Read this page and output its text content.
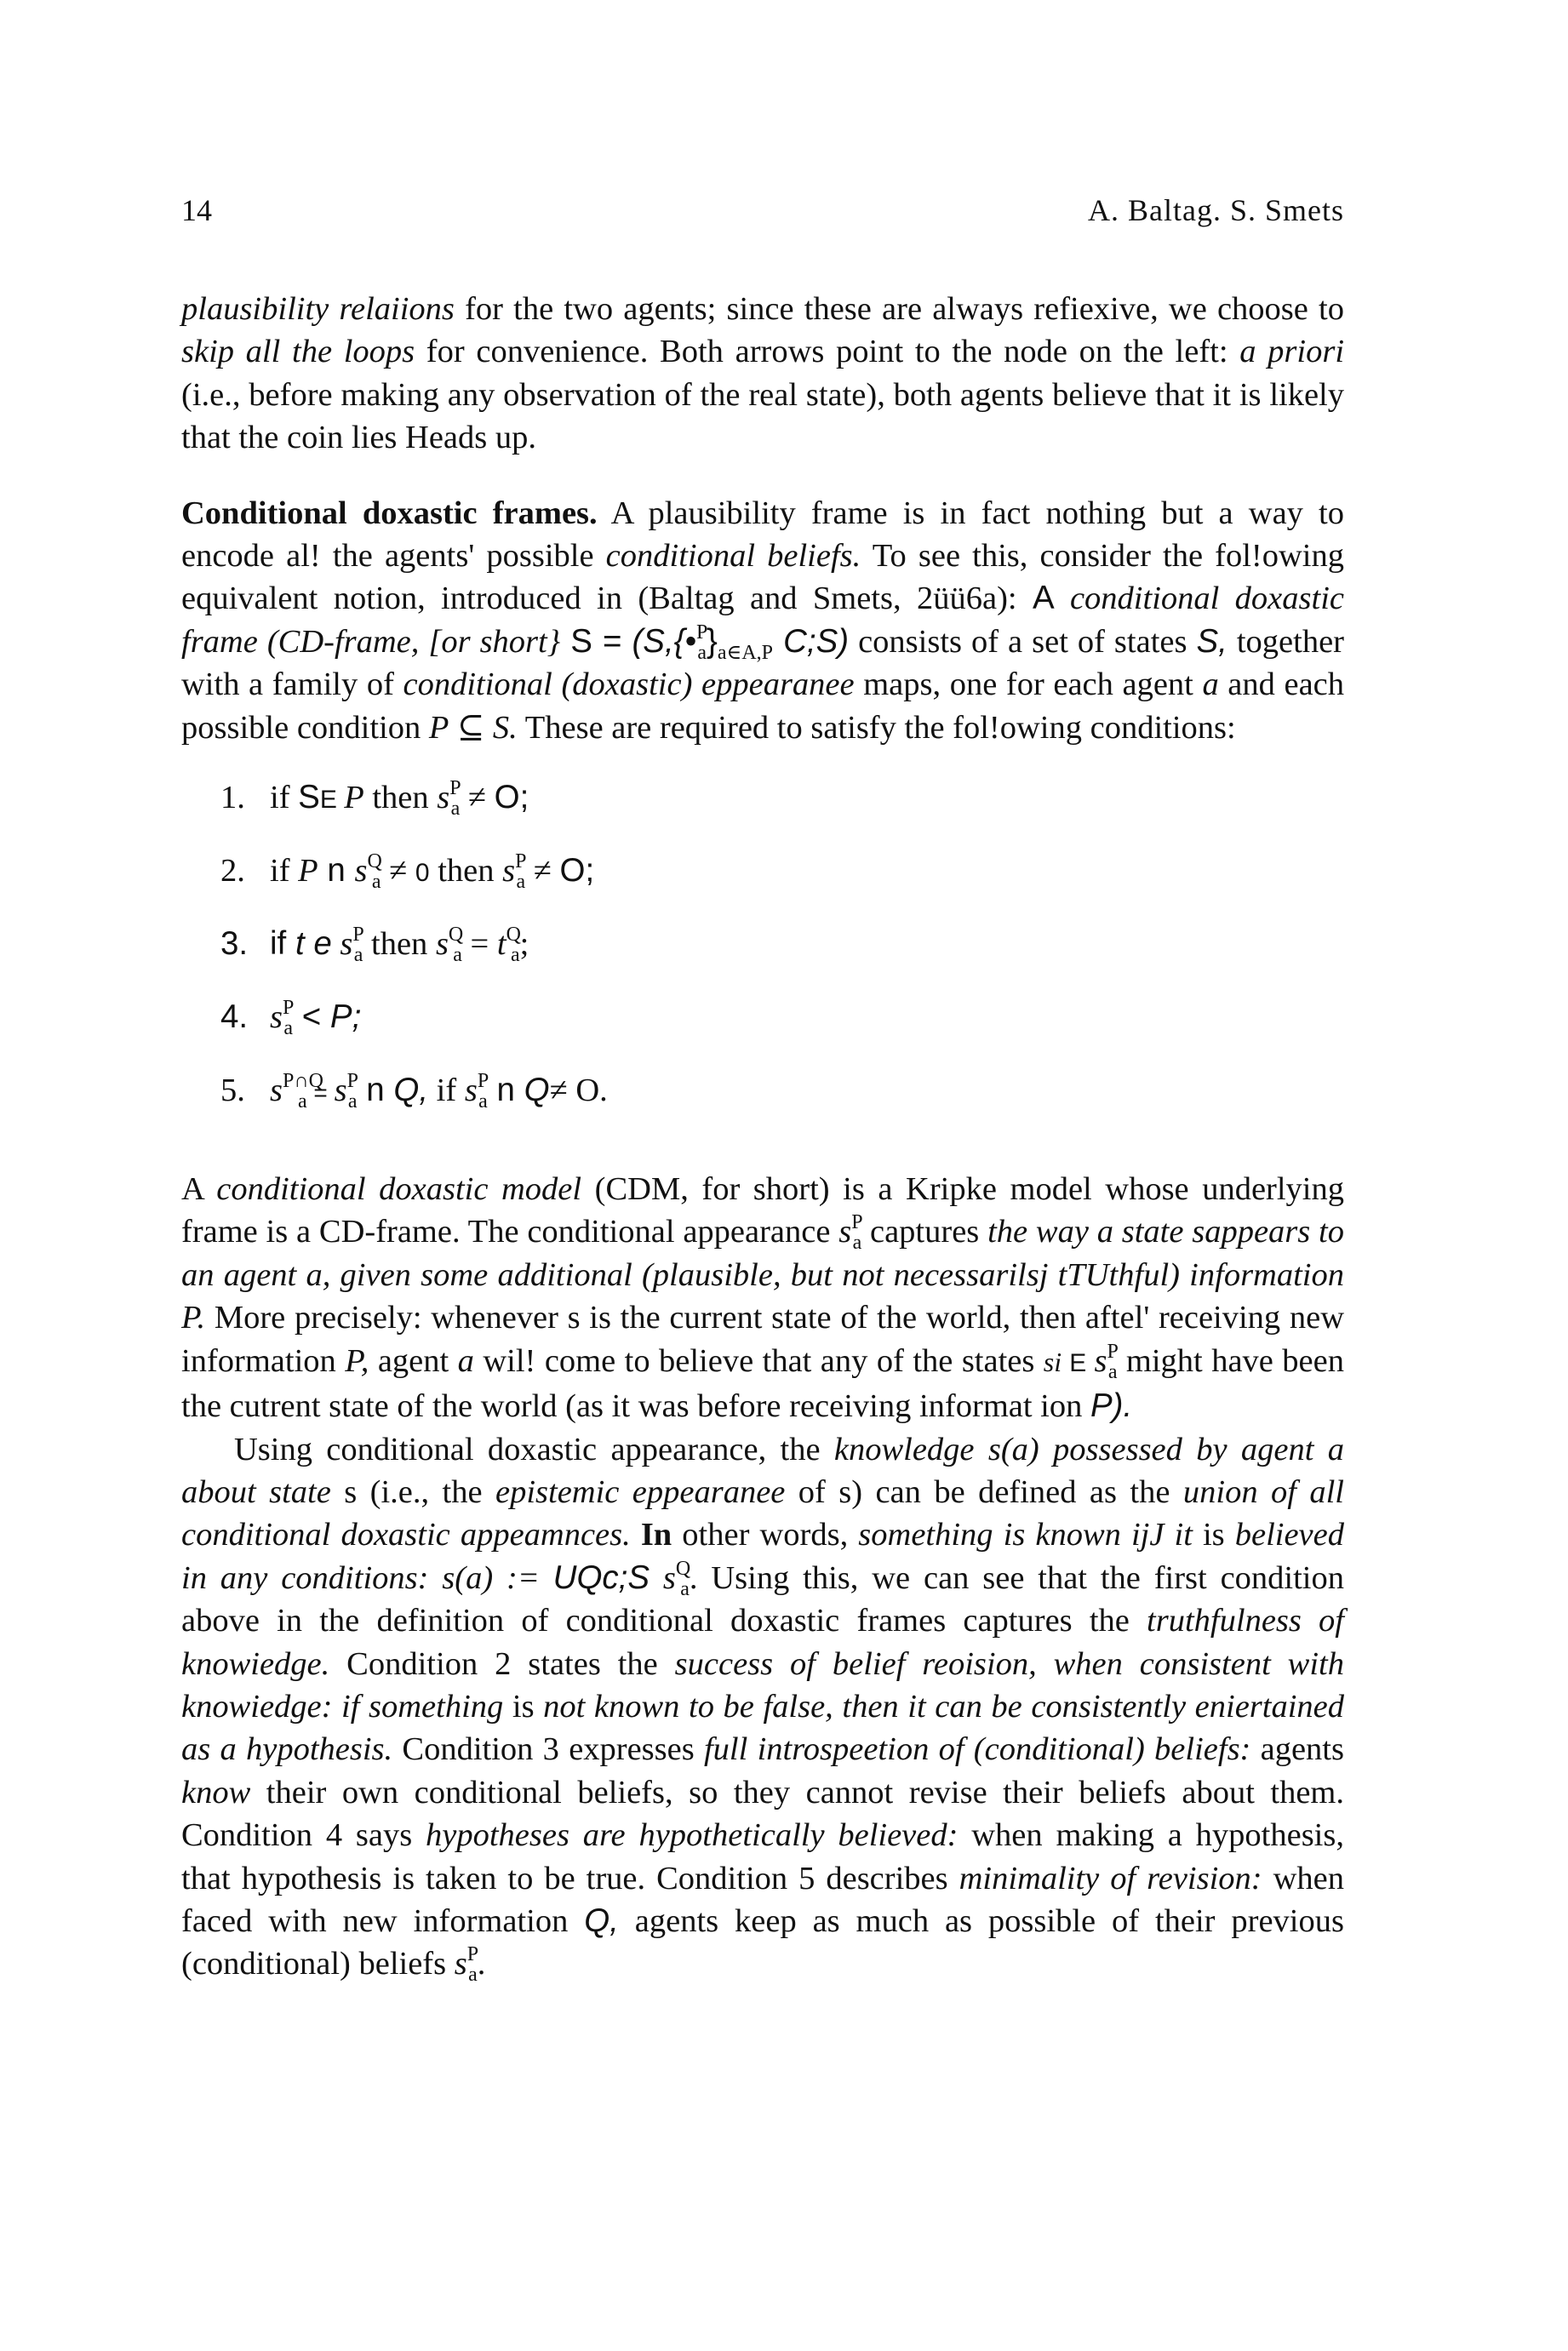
14	A. Baltag. S. Smets

plausibility relaiions for the two agents; since these are always refiexive, we choose to skip all the loops for convenience. Both arrows point to the node on the left: a priori (i.e., before making any observation of the real state), both agents believe that it is likely that the coin lies Heads up.

Conditional doxastic frames. A plausibility frame is in fact nothing but a way to encode al! the agents' possible conditional beliefs. To see this, consider the fol!owing equivalent notion, introduced in (Baltag and Smets, 2üü6a): A conditional doxastic frame (CD-frame, [or short} $S = (S,\{•^P_a\}_{a\in A,P}$ C;S) consists of a set of states S, together with a family of conditional (doxastic) eppearanee maps, one for each agent a and each possible condition P ⊆ S. These are required to satisfy the fol!owing conditions:

1. if SE P then $s^P_a \ne O$;
2. if P n $s^Q_a \ne 0$ then $s^P_a \ne O$;
3. if t e $s^P_a$ then $s^Q_a = t^Q_a$;
4. $s^P_a < P$;
5. $s^{P\cap Q}_a = s^P_a$ n Q, if $s^P_a$ n Q≠ O.

A conditional doxastic model (CDM, for short) is a Kripke model whose underlying frame is a CD-frame. The conditional appearance $s^P_a$ captures the way a state sappears to an agent a, given some additional (plausible, but not necessarilsj tTUthful) information P. More precisely: whenever s is the current state of the world, then aftel' receiving new information P, agent a wil! come to believe that any of the states si E $s^P_a$ might have been the cutrent state of the world (as it was before receiving informat ion P).

Using conditional doxastic appearance, the knowledge s(a) possessed by agent a about state s (i.e., the epistemic eppearanee of s) can be defined as the union of all conditional doxastic appeamnces. In other words, something is known ijJ it is believed in any conditions: s(a) := UQc;S $s^Q_a$. Using this, we can see that the first condition above in the definition of conditional doxastic frames captures the truthfulness of knowiedge. Condition 2 states the success of belief reoision, when consistent with knowiedge: if something is not known to be false, then it can be consistently eniertained as a hypothesis. Condition 3 expresses full introspeetion of (conditional) beliefs: agents know their own conditional beliefs, so they cannot revise their beliefs about them. Condition 4 says hypotheses are hypothetically believed: when making a hypothesis, that hypothesis is taken to be true. Condition 5 describes minimality of revision: when faced with new information Q, agents keep as much as possible of their previous (conditional) beliefs $s^P_a$.
